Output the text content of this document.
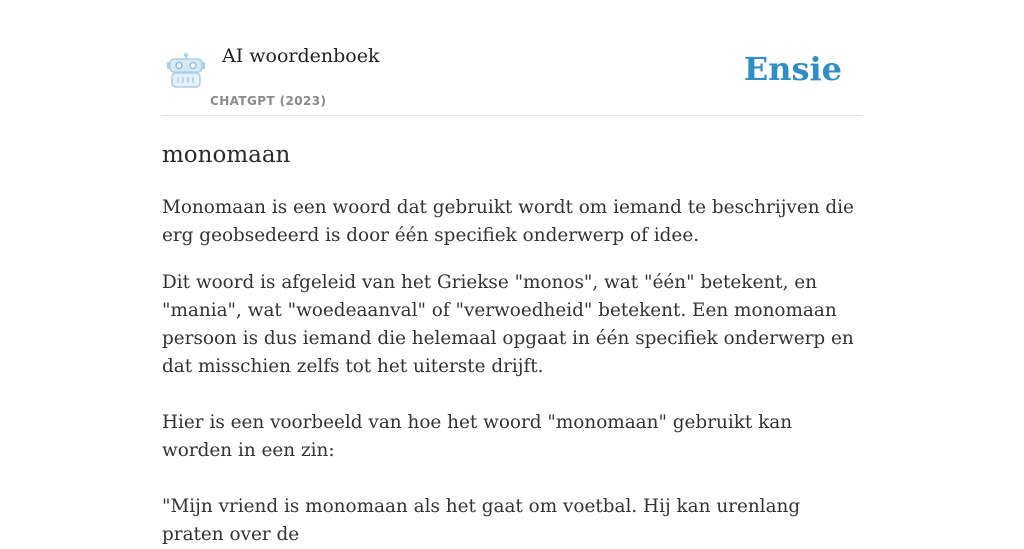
AI woordenboek
CHATGPT (2023)
Ensie
monomaan

Monomaan is een woord dat gebruikt wordt om iemand te beschrijven die erg geobsedeerd is door één specifiek onderwerp of idee.

Dit woord is afgeleid van het Griekse "monos", wat "één" betekent, en "mania", wat "woedeaanval" of "verwoedheid" betekent. Een monomaan persoon is dus iemand die helemaal opgaat in één specifiek onderwerp en dat misschien zelfs tot het uiterste drijft.

Hier is een voorbeeld van hoe het woord "monomaan" gebruikt kan worden in een zin:

"Mijn vriend is monomaan als het gaat om voetbal. Hij kan urenlang praten over de
